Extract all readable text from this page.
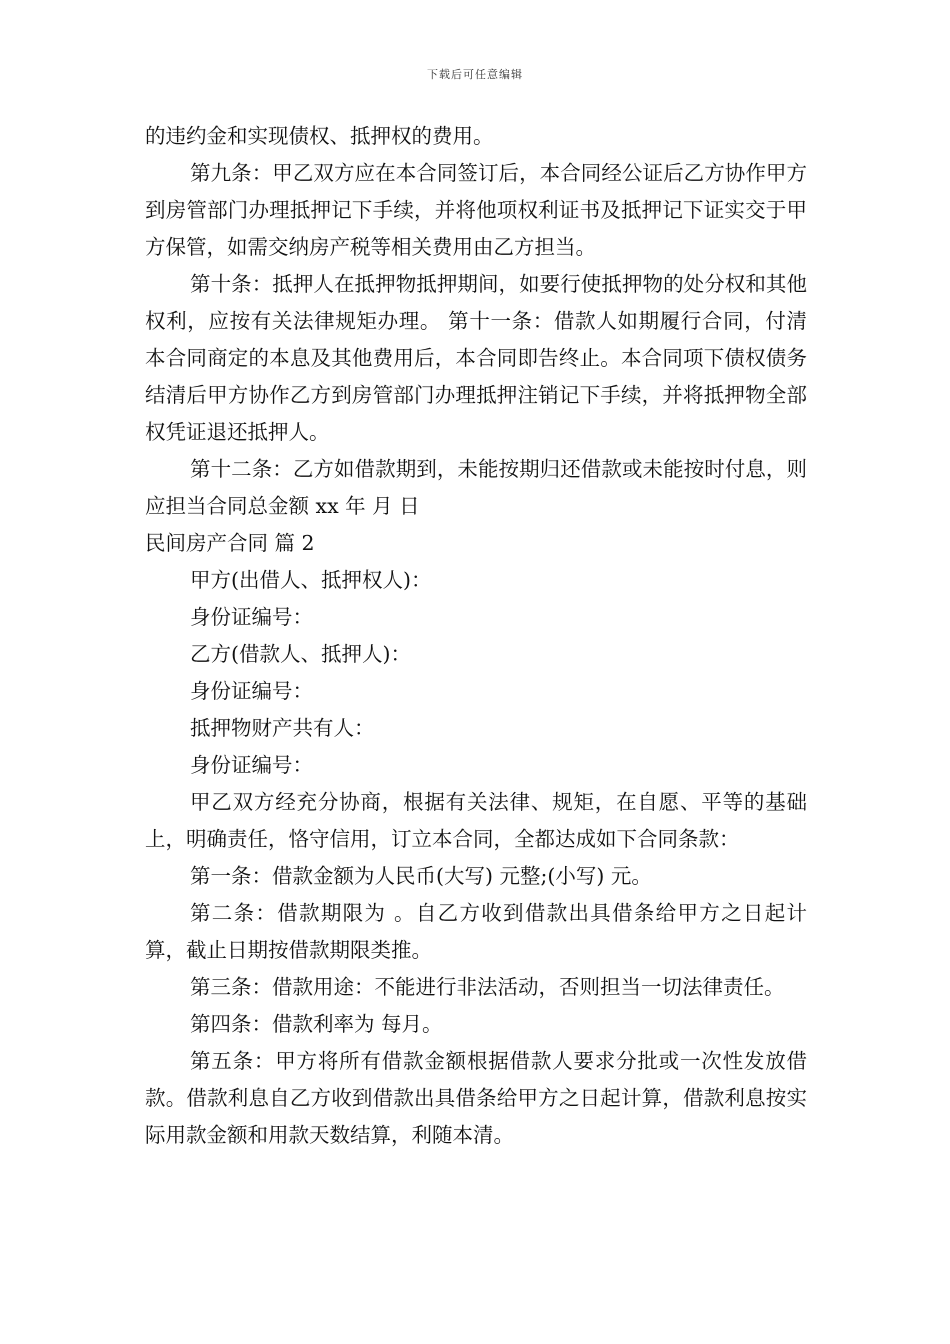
下载后可任意编辑

的违约金和实现债权、抵押权的费用。

第九条：甲乙双方应在本合同签订后，本合同经公证后乙方协作甲方到房管部门办理抵押记下手续，并将他项权利证书及抵押记下证实交于甲方保管，如需交纳房产税等相关费用由乙方担当。

第十条：抵押人在抵押物抵押期间，如要行使抵押物的处分权和其他权利，应按有关法律规矩办理。 第十一条：借款人如期履行合同，付清本合同商定的本息及其他费用后，本合同即告终止。本合同项下债权债务结清后甲方协作乙方到房管部门办理抵押注销记下手续，并将抵押物全部权凭证退还抵押人。

第十二条：乙方如借款期到，未能按期归还借款或未能按时付息，则应担当合同总金额 xx 年 月 日

民间房产合同 篇 2

甲方(出借人、抵押权人)：

身份证编号：

乙方(借款人、抵押人)：

身份证编号：

抵押物财产共有人：

身份证编号：

甲乙双方经充分协商，根据有关法律、规矩，在自愿、平等的基础上，明确责任，恪守信用，订立本合同，全都达成如下合同条款：

第一条：借款金额为人民币(大写) 元整;(小写) 元。

第二条：借款期限为 。自乙方收到借款出具借条给甲方之日起计算，截止日期按借款期限类推。

第三条：借款用途：不能进行非法活动，否则担当一切法律责任。

第四条：借款利率为 每月。

第五条：甲方将所有借款金额根据借款人要求分批或一次性发放借款。借款利息自乙方收到借款出具借条给甲方之日起计算，借款利息按实际用款金额和用款天数结算，利随本清。
